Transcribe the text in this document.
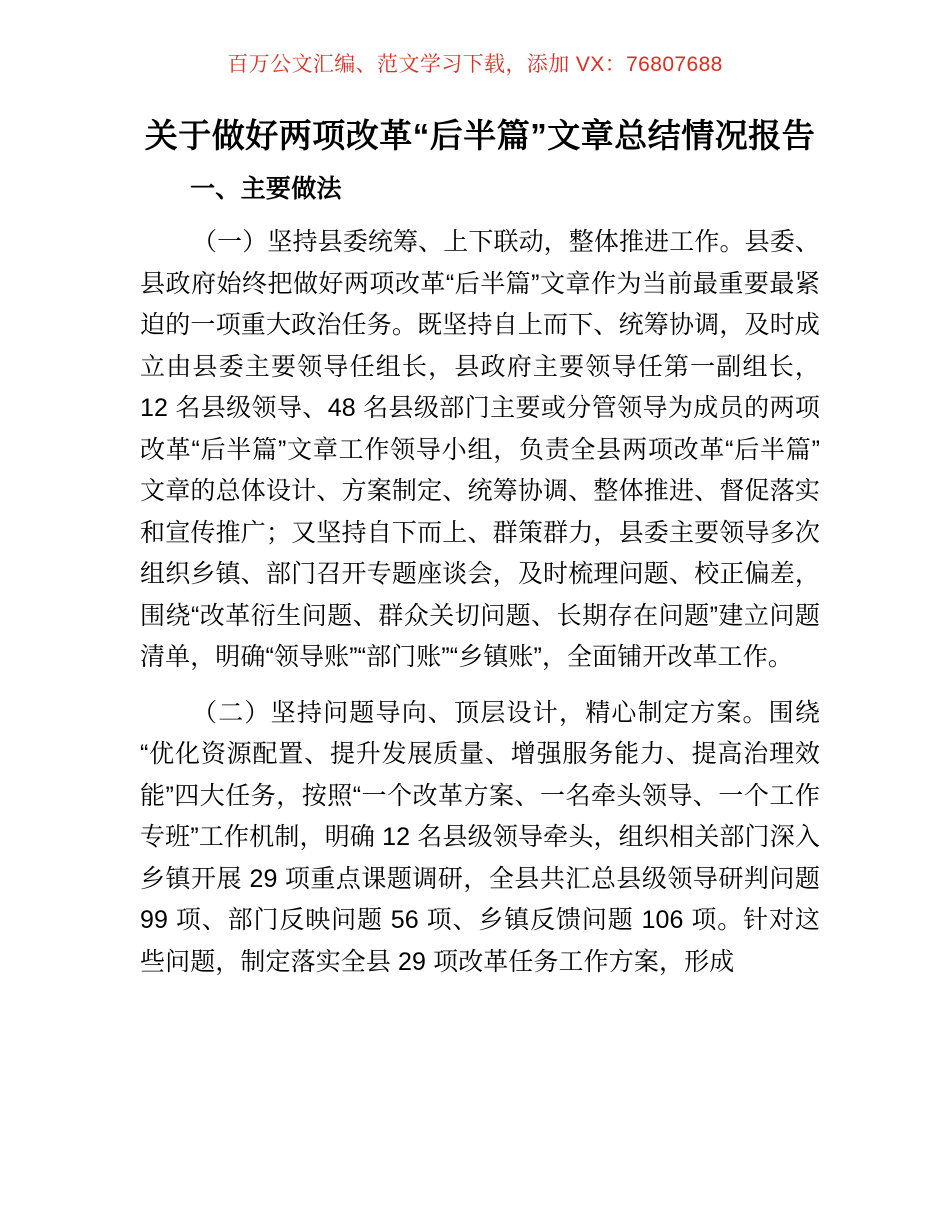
百万公文汇编、范文学习下载，添加 VX：76807688
关于做好两项改革“后半篇”文章总结情况报告
一、主要做法

（一）坚持县委统筹、上下联动，整体推进工作。县委、县政府始终把做好两项改革“后半篇”文章作为当前最重要最紧迫的一项重大政治任务。既坚持自上而下、统筹协调，及时成立由县委主要领导任组长，县政府主要领导任第一副组长，12 名县级领导、48 名县级部门主要或分管领导为成员的两项改革“后半篇”文章工作领导小组，负责全县两项改革“后半篇”文章的总体设计、方案制定、统筹协调、整体推进、督促落实和宣传推广；又坚持自下而上、群策群力，县委主要领导多次组织乡镇、部门召开专题座谈会，及时梳理问题、校正偏差，围绕“改革衍生问题、群众关切问题、长期存在问题”建立问题清单，明确“领导账”“部门账”“乡镇账”，全面铺开改革工作。

（二）坚持问题导向、顶层设计，精心制定方案。围绕“优化资源配置、提升发展质量、增强服务能力、提高治理效能”四大任务，按照“一个改革方案、一名牵头领导、一个工作专班”工作机制，明确 12 名县级领导牵头，组织相关部门深入乡镇开展 29 项重点课题调研，全县共汇总县级领导研判问题 99 项、部门反映问题 56 项、乡镇反馈问题 106 项。针对这些问题，制定落实全县 29 项改革任务工作方案，形成
